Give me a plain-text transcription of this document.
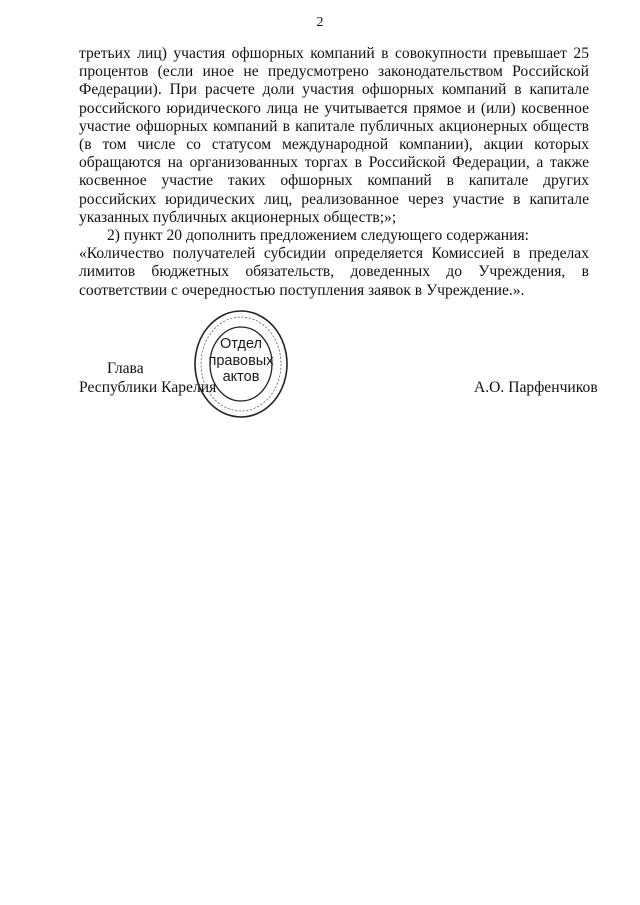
2

третьих лиц) участия офшорных компаний в совокупности превышает 25 процентов (если иное не предусмотрено законодательством Российской Федерации). При расчете доли участия офшорных компаний в капитале российского юридического лица не учитывается прямое и (или) косвенное участие офшорных компаний в капитале публичных акционерных обществ (в том числе со статусом международной компании), акции которых обращаются на организованных торгах в Российской Федерации, а также косвенное участие таких офшорных компаний в капитале других российских юридических лиц, реализованное через участие в капитале указанных публичных акционерных обществ;»;

2) пункт 20 дополнить предложением следующего содержания:

«Количество получателей субсидии определяется Комиссией в пределах лимитов бюджетных обязательств, доведенных до Учреждения, в соответствии с очередностью поступления заявок в Учреждение.».

Глава
Республики Карелия	А.О. Парфенчиков
Отдел
правовых
актов
